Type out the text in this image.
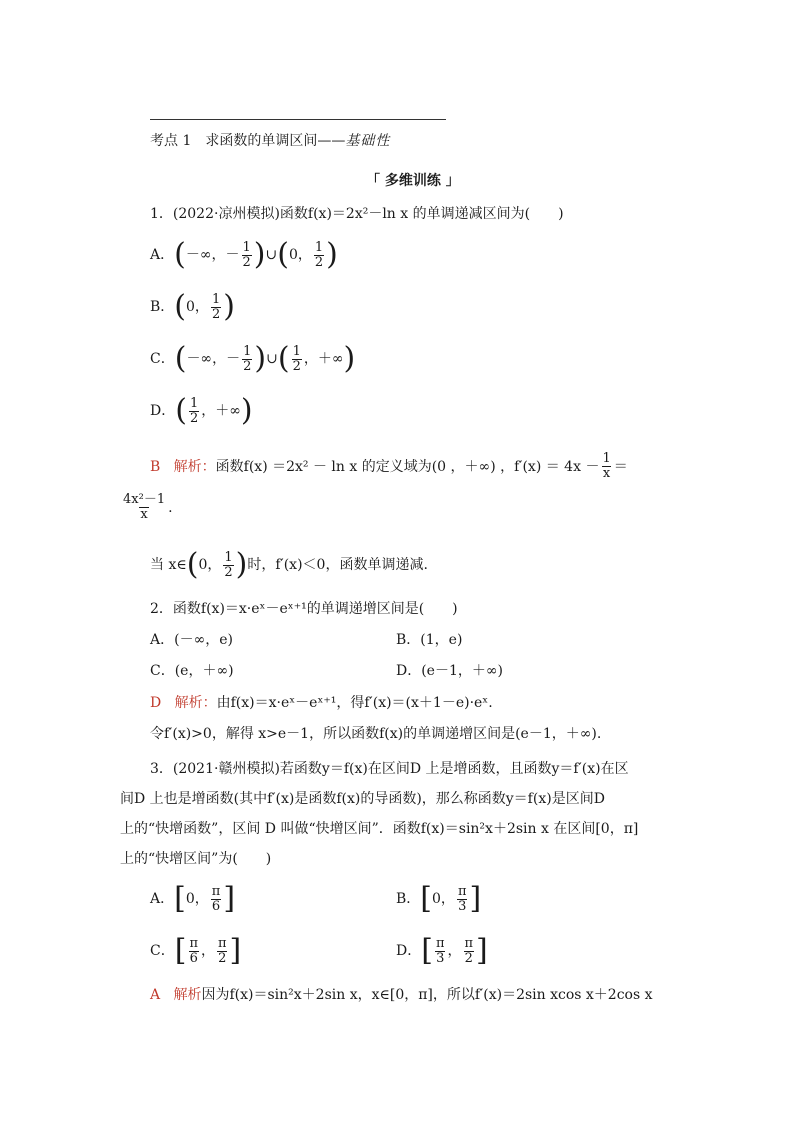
考点 1　求函数的单调区间——基础性
「 多维训练 」
1．(2022·凉州模拟)函数f(x)＝2x²－ln x 的单调递减区间为(　　)
A． ( －∞， － $\frac{1}{2}$ ) ∪ ( 0， $\frac{1}{2}$ )
B． ( 0， $\frac{1}{2}$ )
C． ( －∞， － $\frac{1}{2}$ ) ∪ ( $\frac{1}{2}$ ， ＋∞ )
D． ( $\frac{1}{2}$ ， ＋∞ )
B
解析： 函数f(x) ＝2x² － ln x 的定义域为(0 ，＋∞) ，$f'(x) = 4x - \frac{1}{x}$ ＝
$\frac{\text{4x²－1}}{x}$ .
当 x∈ ( 0， $\frac{1}{2}$ ) 时，f′(x)＜0，函数单调递减.
2．函数f(x)＝x·eˣ－eˣ⁺¹的单调递增区间是(　　)
A．(－∞，e)	B．(1，e)
C．(e，＋∞)	D．(e－1，＋∞)
D 解析：由f(x)＝x·eˣ－eˣ⁺¹，得f′(x)＝(x＋1－e)·eˣ.
令f′(x)>0，解得 x>e－1，所以函数f(x)的单调递增区间是(e－1，＋∞).
3．(2021·赣州模拟)若函数y＝f(x)在区间D 上是增函数，且函数y＝f′(x)在区
间D 上也是增函数(其中f′(x)是函数f(x)的导函数)，那么称函数y＝f(x)是区间D
上的“快增函数”，区间 D 叫做“快增区间”．函数f(x)＝sin²x＋2sin x 在区间[0，π]
上的“快增区间”为(　　)
A． [ 0， $\frac{\pi}{6}$ ]	B． [ 0， $\frac{\pi}{3}$ ]
C． [ $\frac{\pi}{6}$ ， $\frac{\pi}{2}$ ]	D． [ $\frac{\pi}{3}$ ， $\frac{\pi}{2}$ ]
A 解析因为f(x)＝sin²x＋2sin x，x∈[0，π]，所以f′(x)＝2sin xcos x＋2cos x
